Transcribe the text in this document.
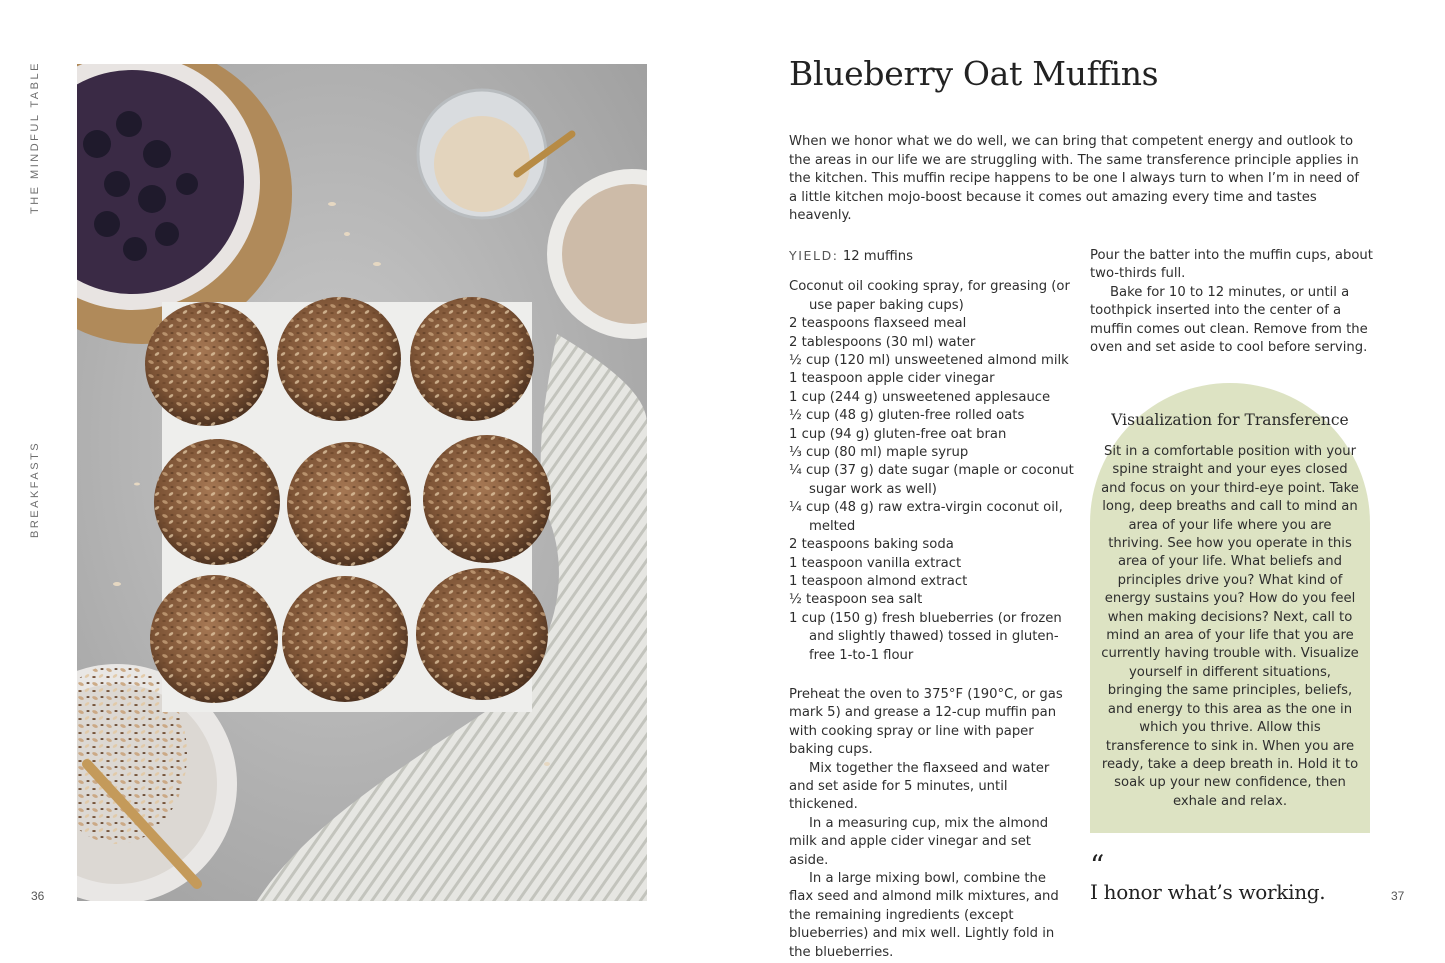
THE MINDFUL TABLE
BREAKFASTS
36	37
Blueberry Oat Muffins

When we honor what we do well, we can bring that competent energy and outlook to the areas in our life we are struggling with. The same transference principle applies in the kitchen. This muffin recipe happens to be one I always turn to when I’m in need of a little kitchen mojo-boost because it comes out amazing every time and tastes heavenly.

YIELD: 12 muffins

Coconut oil cooking spray, for greasing (or use paper baking cups)
2 teaspoons flaxseed meal
2 tablespoons (30 ml) water
½ cup (120 ml) unsweetened almond milk
1 teaspoon apple cider vinegar
1 cup (244 g) unsweetened applesauce
½ cup (48 g) gluten-free rolled oats
1 cup (94 g) gluten-free oat bran
⅓ cup (80 ml) maple syrup
¼ cup (37 g) date sugar (maple or coconut sugar work as well)
¼ cup (48 g) raw extra-virgin coconut oil, melted
2 teaspoons baking soda
1 teaspoon vanilla extract
1 teaspoon almond extract
½ teaspoon sea salt
1 cup (150 g) fresh blueberries (or frozen and slightly thawed) tossed in gluten-free 1-to-1 flour

Preheat the oven to 375°F (190°C, or gas mark 5) and grease a 12-cup muffin pan with cooking spray or line with paper baking cups.

Mix together the flaxseed and water and set aside for 5 minutes, until thickened.

In a measuring cup, mix the almond milk and apple cider vinegar and set aside.

In a large mixing bowl, combine the flax seed and almond milk mixtures, and the remaining ingredients (except blueberries) and mix well. Lightly fold in the blueberries.

Pour the batter into the muffin cups, about two-thirds full.

Bake for 10 to 12 minutes, or until a toothpick inserted into the center of a muffin comes out clean. Remove from the oven and set aside to cool before serving.

Visualization for Transference

Sit in a comfortable position with your spine straight and your eyes closed and focus on your third-eye point. Take long, deep breaths and call to mind an area of your life where you are thriving. See how you operate in this area of your life. What beliefs and principles drive you? What kind of energy sustains you? How do you feel when making decisions? Next, call to mind an area of your life that you are currently having trouble with. Visualize yourself in different situations, bringing the same principles, beliefs, and energy to this area as the one in which you thrive. Allow this transference to sink in. When you are ready, take a deep breath in. Hold it to soak up your new confidence, then exhale and relax.

“
I honor what’s working.
